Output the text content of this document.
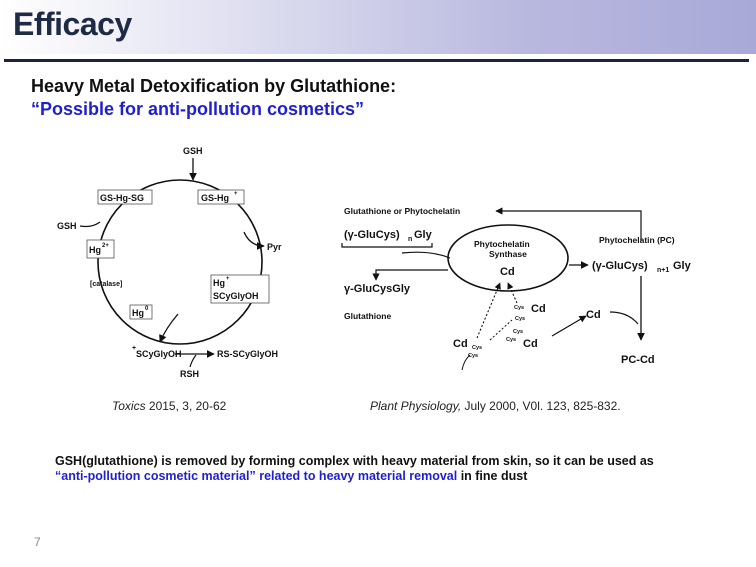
Efficacy
Heavy Metal Detoxification by Glutathione:
“Possible for anti-pollution cosmetics”
GSH
GS-Hg-SG	GS-Hg +
GSH
Hg 2+	Pyr
[catalase]	Hg +
SCyGlyOH
Hg 0
+
SCyGlyOH	RS-SCyGlyOH
RSH
Glutathione or Phytochelatin
(γ-GluCys) n Gly
Phytochelatin
Synthase
Cd
Phytochelatin (PC)
(γ-GluCys) n+1 Gly
γ-GluCysGly
Glutathione
Cys Cd
Cys
Cys
Cd
Cd Cys
Cys Cd
Cys	PC-Cd
Toxics 2015, 3, 20-62	Plant Physiology, July 2000, V0l. 123, 825-832.
GSH(glutathione) is removed by forming complex with heavy material from skin, so it can be used as
“anti-pollution cosmetic material” related to heavy material removal in fine dust
7
